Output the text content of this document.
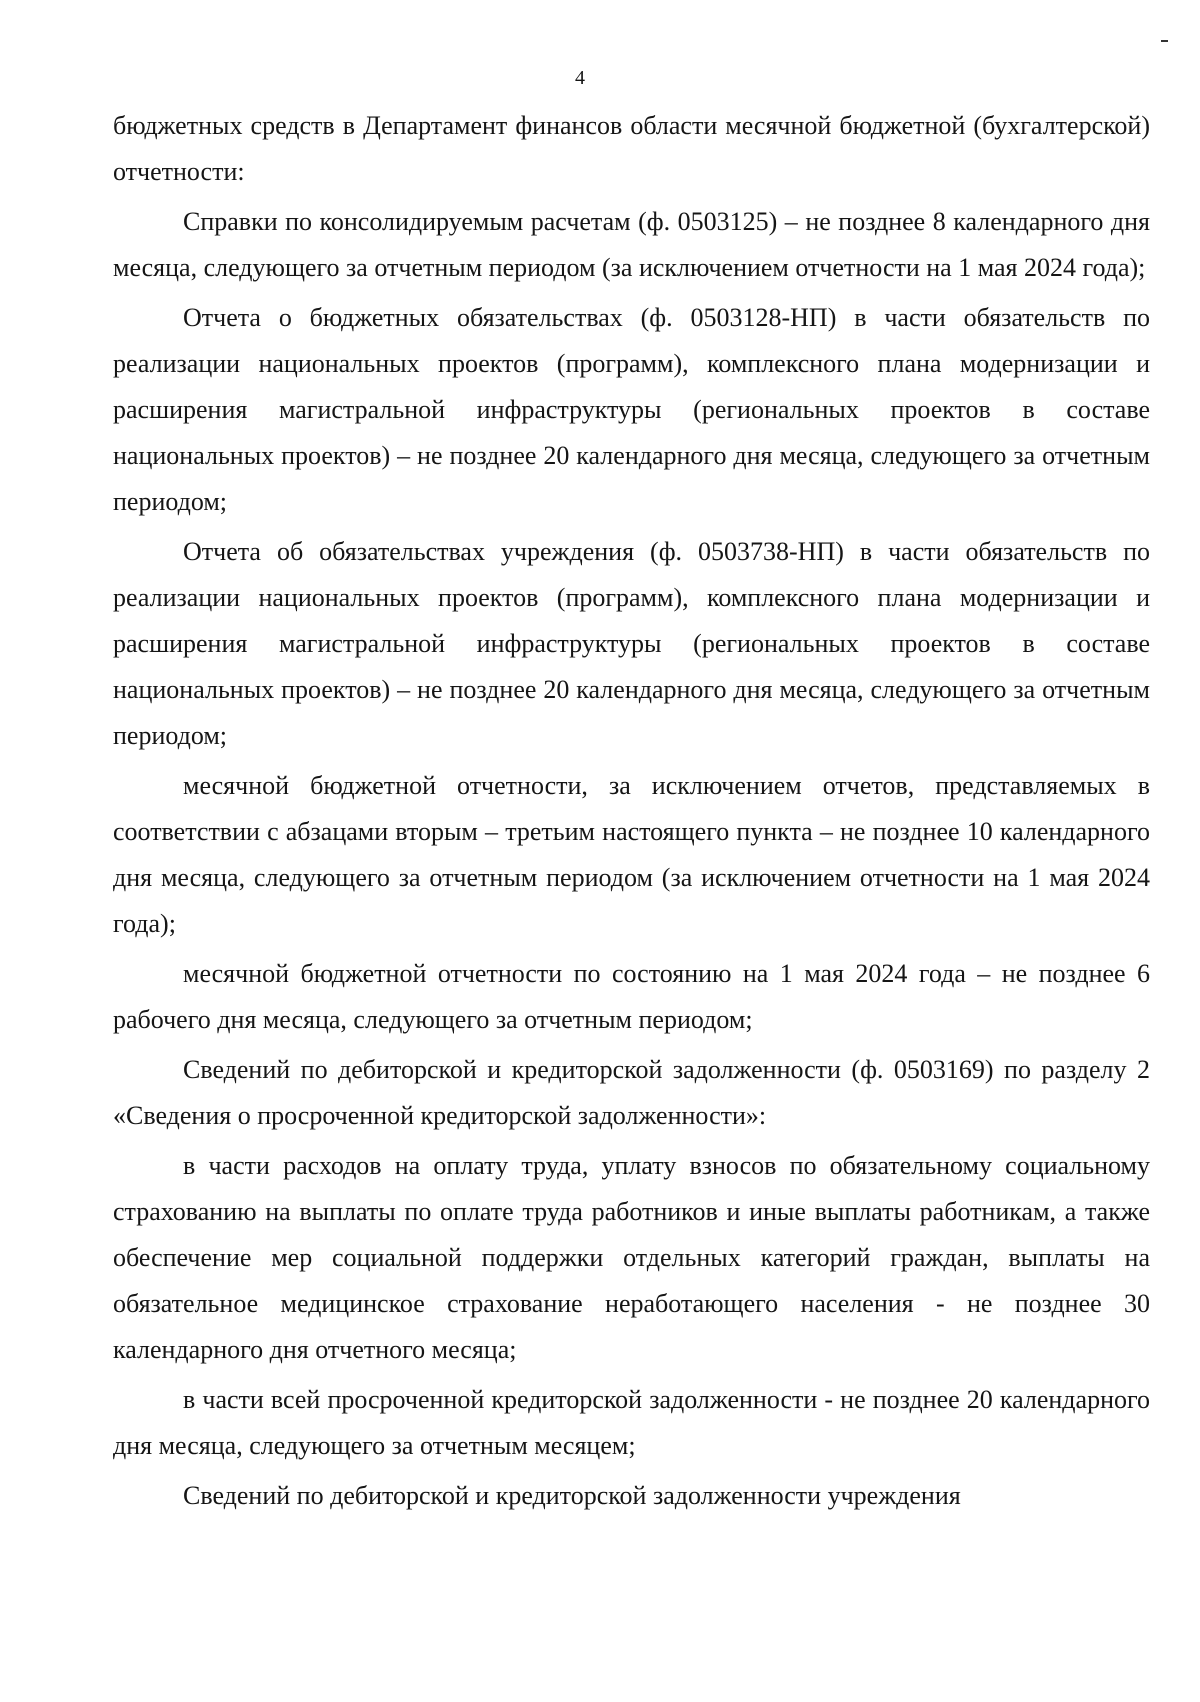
4

бюджетных средств в Департамент финансов области месячной бюджетной (бухгалтерской) отчетности:

Справки по консолидируемым расчетам (ф. 0503125) – не позднее 8 календарного дня месяца, следующего за отчетным периодом (за исключением отчетности на 1 мая 2024 года);

Отчета о бюджетных обязательствах (ф. 0503128-НП) в части обязательств по реализации национальных проектов (программ), комплексного плана модернизации и расширения магистральной инфраструктуры (региональных проектов в составе национальных проектов) – не позднее 20 календарного дня месяца, следующего за отчетным периодом;

Отчета об обязательствах учреждения (ф. 0503738-НП) в части обязательств по реализации национальных проектов (программ), комплексного плана модернизации и расширения магистральной инфраструктуры (региональных проектов в составе национальных проектов) – не позднее 20 календарного дня месяца, следующего за отчетным периодом;

месячной бюджетной отчетности, за исключением отчетов, представляемых в соответствии с абзацами вторым – третьим настоящего пункта – не позднее 10 календарного дня месяца, следующего за отчетным периодом (за исключением отчетности на 1 мая 2024 года);

месячной бюджетной отчетности по состоянию на 1 мая 2024 года – не позднее 6 рабочего дня месяца, следующего за отчетным периодом;

Сведений по дебиторской и кредиторской задолженности (ф. 0503169) по разделу 2 «Сведения о просроченной кредиторской задолженности»:

в части расходов на оплату труда, уплату взносов по обязательному социальному страхованию на выплаты по оплате труда работников и иные выплаты работникам, а также обеспечение мер социальной поддержки отдельных категорий граждан, выплаты на обязательное медицинское страхование неработающего населения - не позднее 30 календарного дня отчетного месяца;

в части всей просроченной кредиторской задолженности - не позднее 20 календарного дня месяца, следующего за отчетным месяцем;

Сведений по дебиторской и кредиторской задолженности учреждения
